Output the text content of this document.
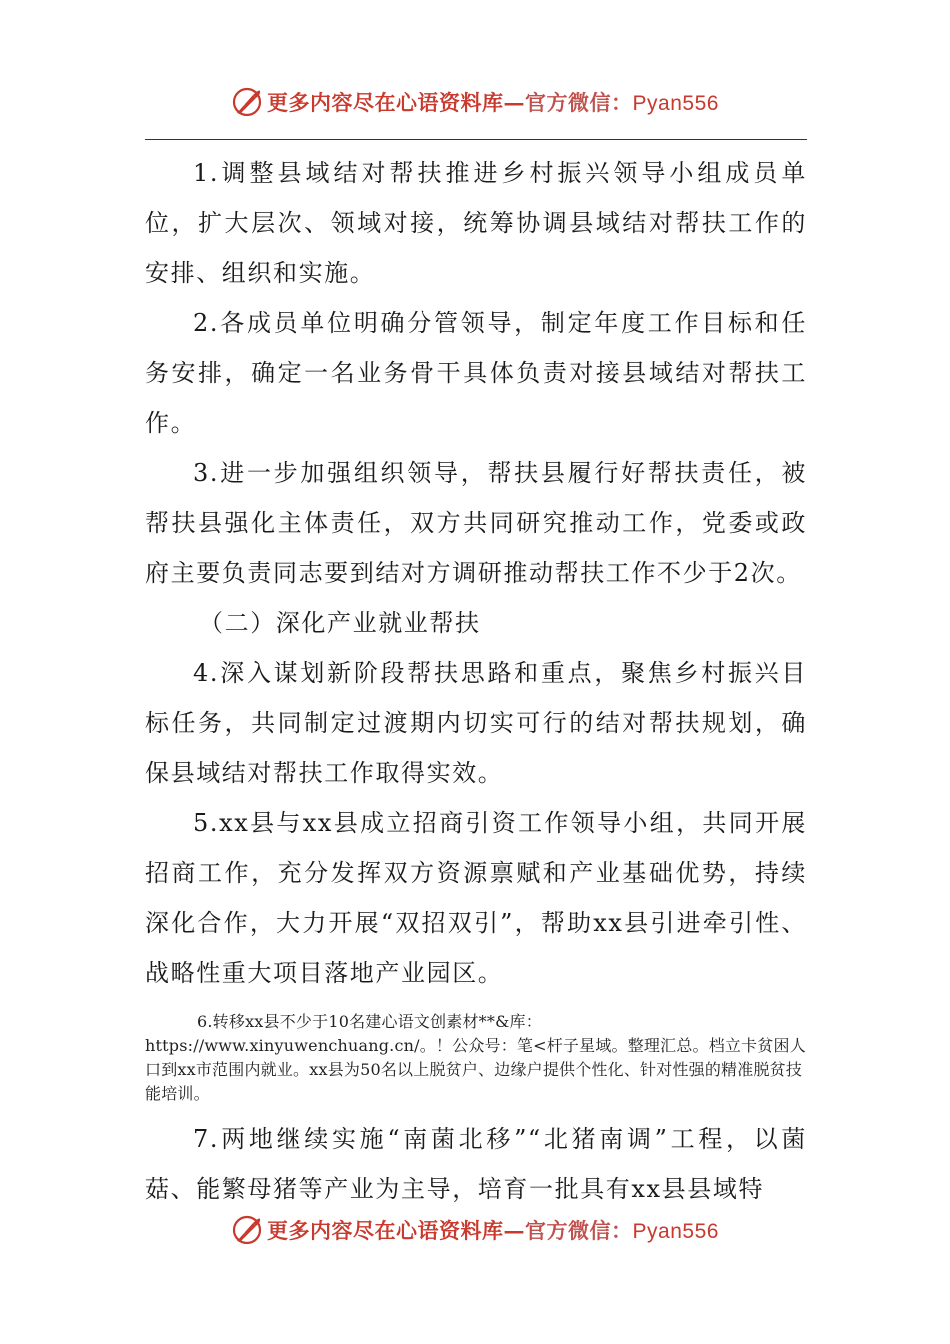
更多内容尽在心语资料库—官方微信：Pyan556

1.调整县域结对帮扶推进乡村振兴领导小组成员单位，扩大层次、领域对接，统筹协调县域结对帮扶工作的安排、组织和实施。

2.各成员单位明确分管领导，制定年度工作目标和任务安排，确定一名业务骨干具体负责对接县域结对帮扶工作。

3.进一步加强组织领导，帮扶县履行好帮扶责任，被帮扶县强化主体责任，双方共同研究推动工作，党委或政府主要负责同志要到结对方调研推动帮扶工作不少于2次。

（二）深化产业就业帮扶

4.深入谋划新阶段帮扶思路和重点，聚焦乡村振兴目标任务，共同制定过渡期内切实可行的结对帮扶规划，确保县域结对帮扶工作取得实效。

5.xx县与xx县成立招商引资工作领导小组，共同开展招商工作，充分发挥双方资源禀赋和产业基础优势，持续深化合作，大力开展“双招双引”，帮助xx县引进牵引性、战略性重大项目落地产业园区。

6.转移xx县不少于10名建心语文创素材**&库：https://www.xinyuwenchuang.cn/。！公众号：笔<杆子星域。整理汇总。档立卡贫困人口到xx市范围内就业。xx县为50名以上脱贫户、边缘户提供个性化、针对性强的精准脱贫技能培训。

7.两地继续实施“南菌北移”“北猪南调”工程，以菌菇、能繁母猪等产业为主导，培育一批具有xx县县域特

更多内容尽在心语资料库—官方微信：Pyan556
